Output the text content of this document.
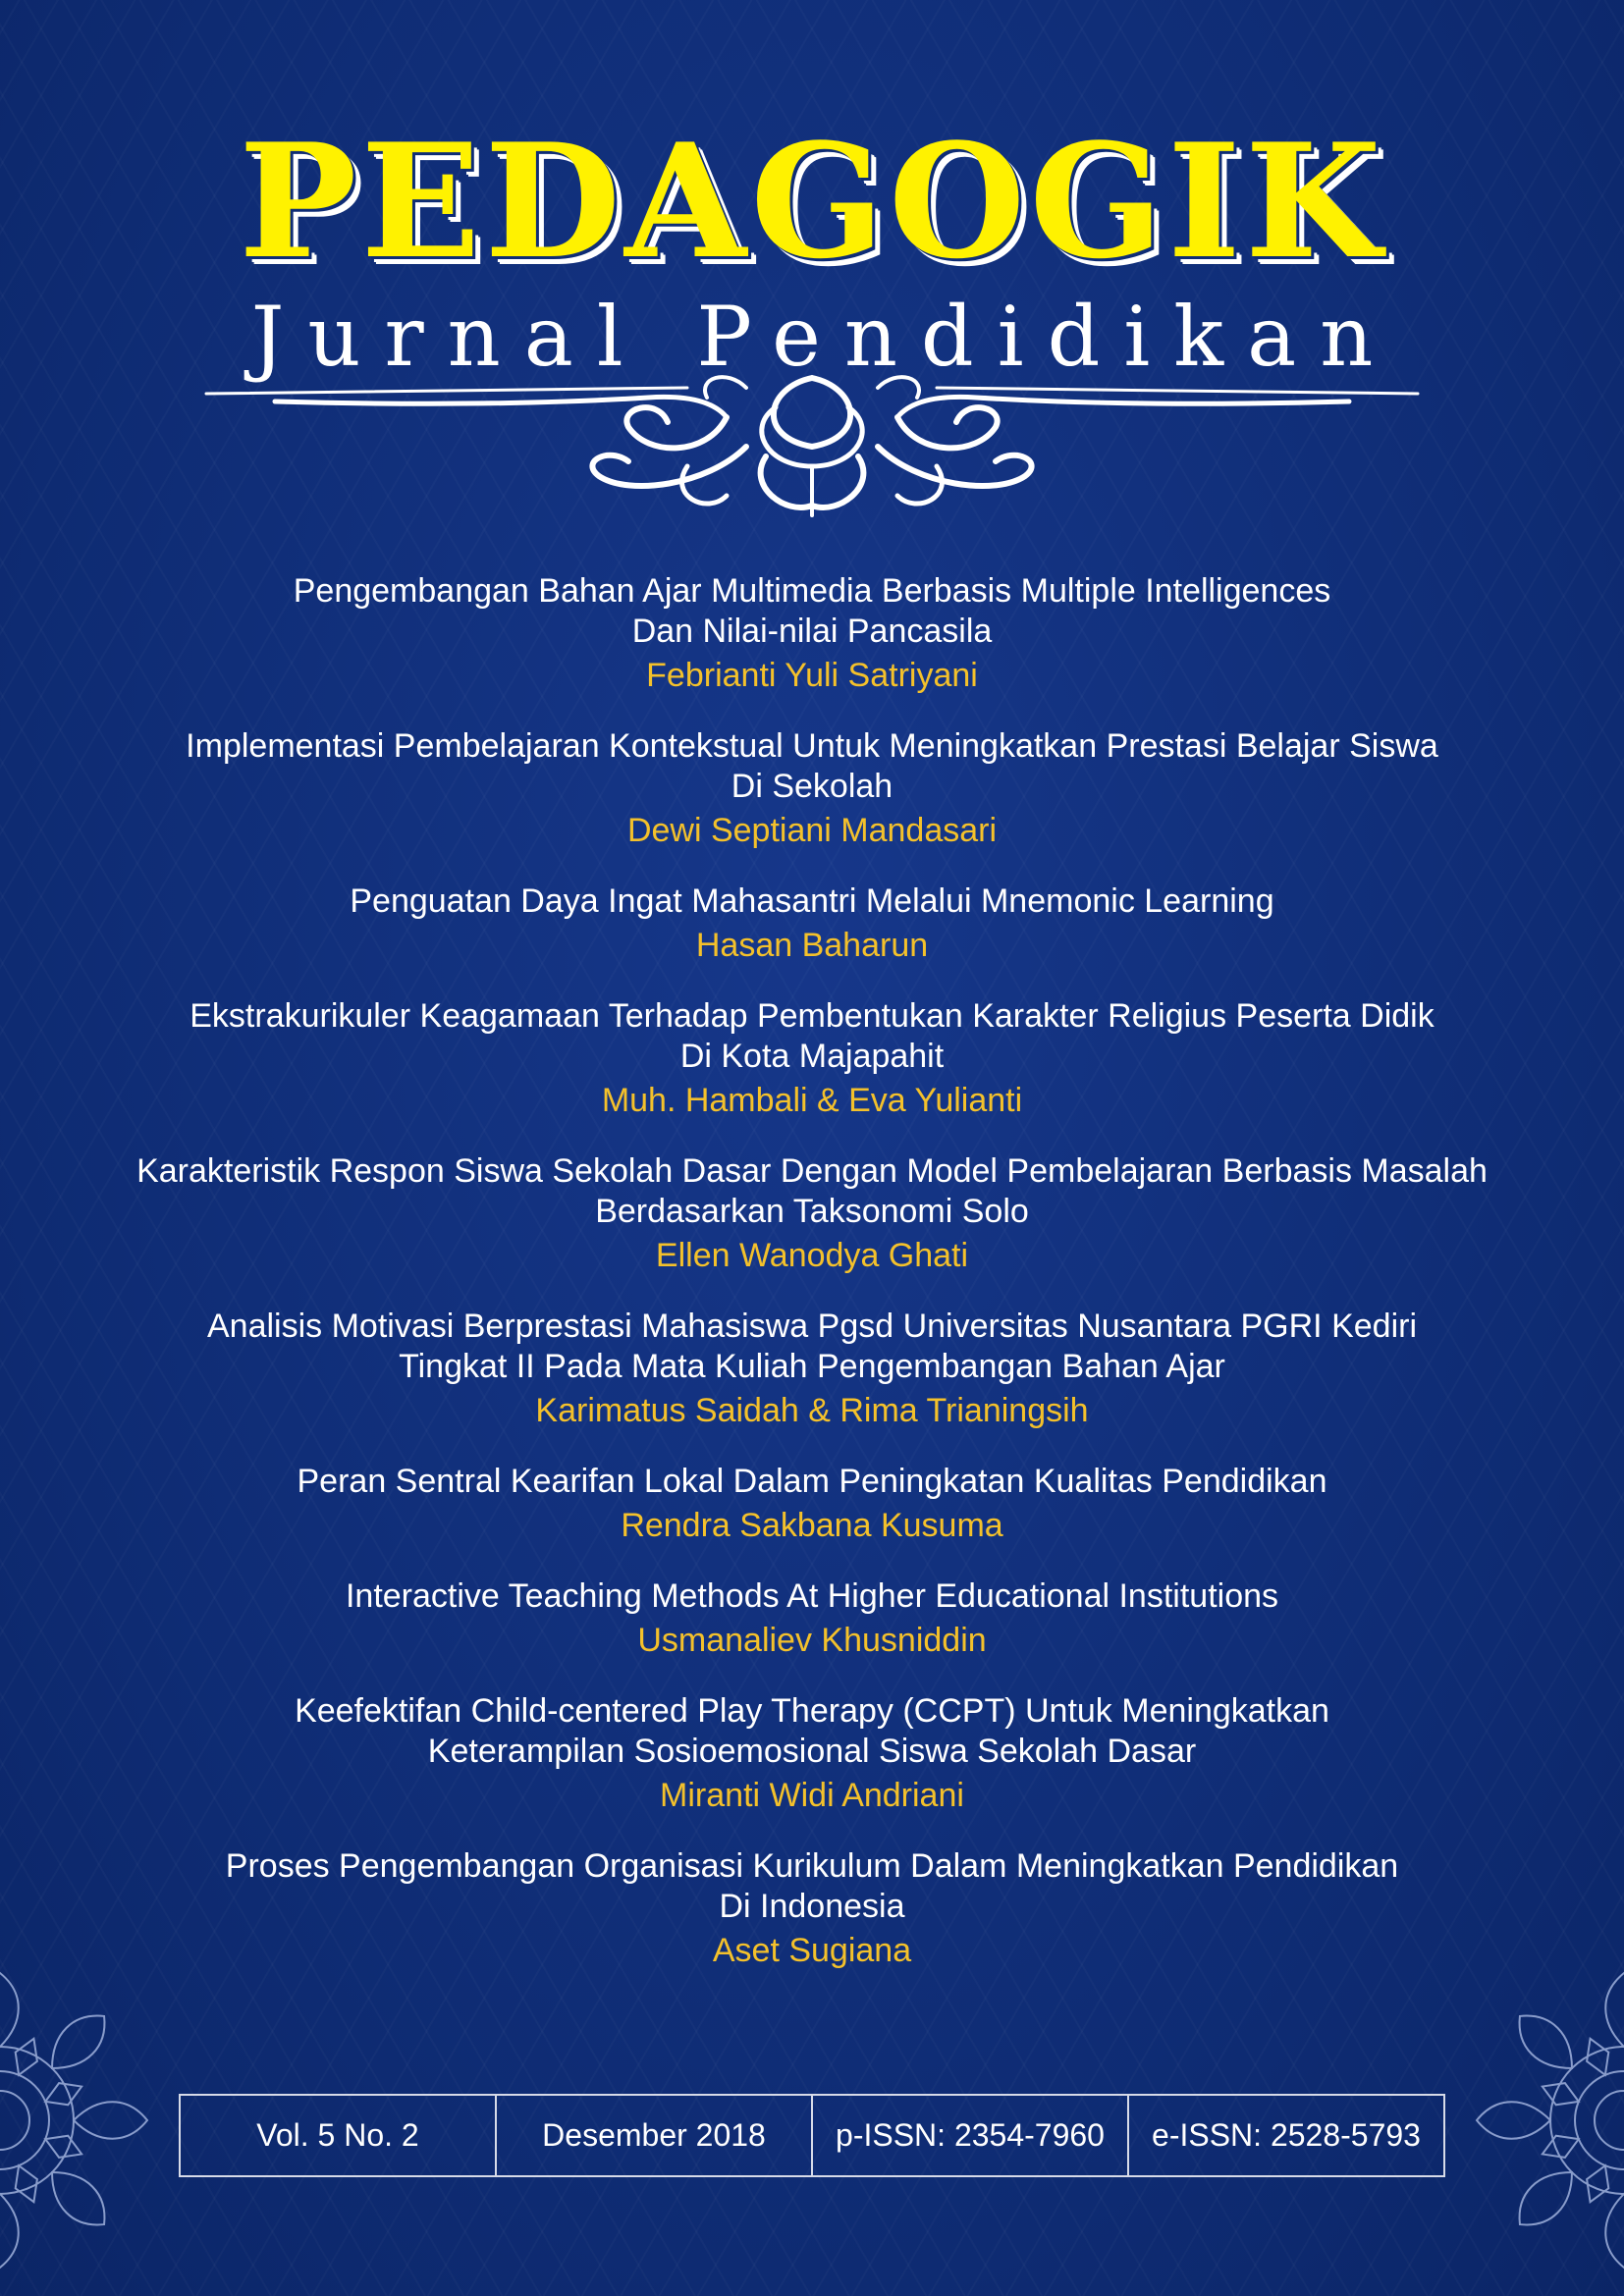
PEDAGOGIK
Jurnal Pendidikan
Pengembangan Bahan Ajar Multimedia Berbasis Multiple Intelligences
Dan Nilai-nilai Pancasila
Febrianti Yuli Satriyani
Implementasi Pembelajaran Kontekstual Untuk Meningkatkan Prestasi Belajar Siswa
Di Sekolah
Dewi Septiani Mandasari
Penguatan Daya Ingat Mahasantri Melalui Mnemonic Learning
Hasan Baharun
Ekstrakurikuler Keagamaan Terhadap Pembentukan Karakter Religius Peserta Didik
Di Kota Majapahit
Muh. Hambali & Eva Yulianti
Karakteristik Respon Siswa Sekolah Dasar Dengan Model Pembelajaran Berbasis Masalah
Berdasarkan Taksonomi Solo
Ellen Wanodya Ghati
Analisis Motivasi Berprestasi Mahasiswa Pgsd Universitas Nusantara PGRI Kediri
Tingkat II Pada Mata Kuliah Pengembangan Bahan Ajar
Karimatus Saidah & Rima Trianingsih
Peran Sentral Kearifan Lokal Dalam Peningkatan Kualitas Pendidikan
Rendra Sakbana Kusuma
Interactive Teaching Methods At Higher Educational Institutions
Usmanaliev Khusniddin
Keefektifan Child-centered Play Therapy (CCPT) Untuk Meningkatkan
Keterampilan Sosioemosional Siswa Sekolah Dasar
Miranti Widi Andriani
Proses Pengembangan Organisasi Kurikulum Dalam Meningkatkan Pendidikan
Di Indonesia
Aset Sugiana
Vol. 5 No. 2	Desember 2018	p-ISSN: 2354-7960	e-ISSN: 2528-5793
